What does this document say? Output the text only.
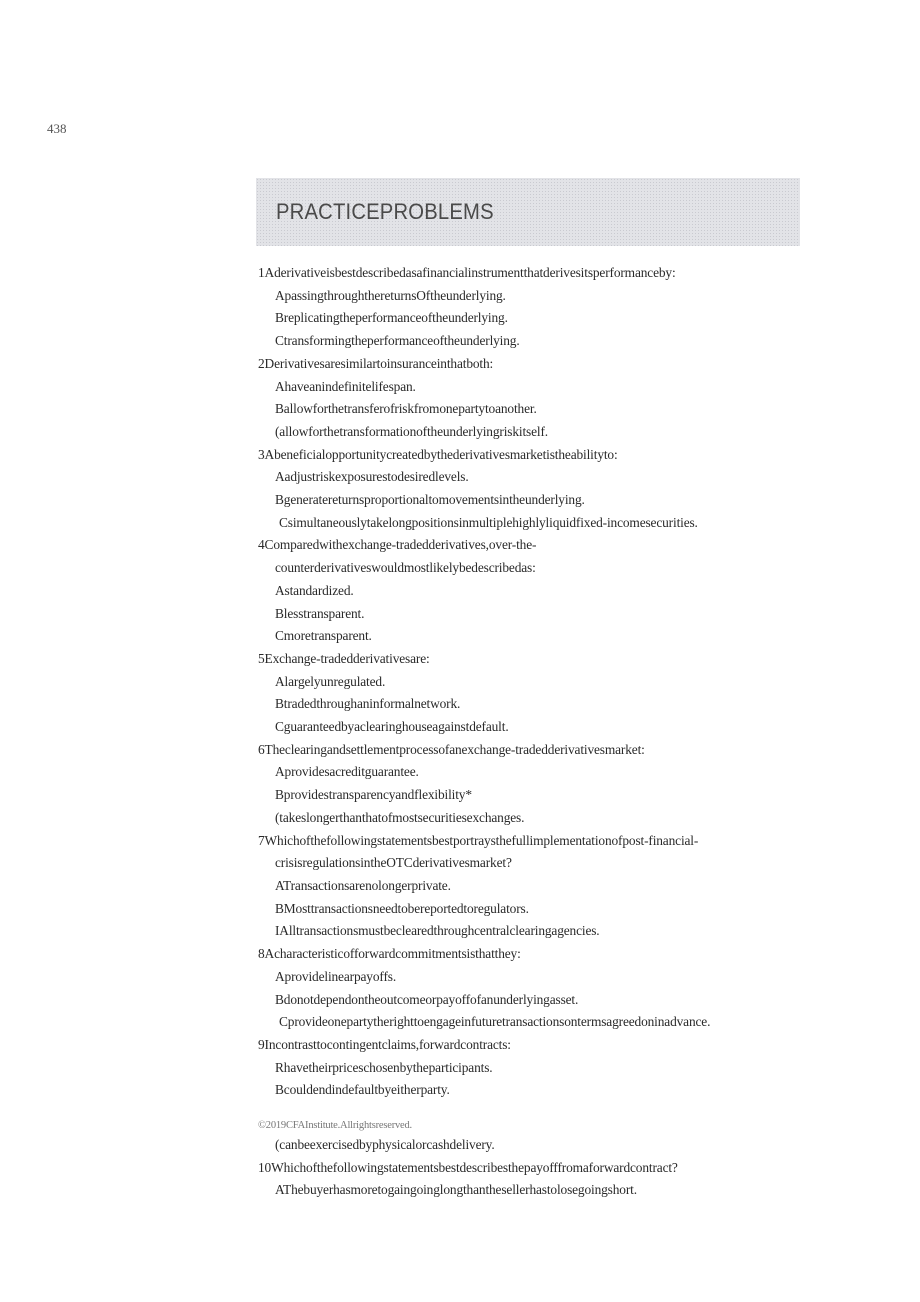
438
PRACTICEPROBLEMS
1Aderivativeisbestdescribedasafinancialinstrumentthatderivesitsperformanceby:
ApassingthroughthereturnsOftheunderlying.
Breplicatingtheperformanceoftheunderlying.
Ctransformingtheperformanceoftheunderlying.
2Derivativesaresimilartoinsuranceinthatboth:
Ahaveanindefinitelifespan.
Ballowforthetransferofriskfromonepartytoanother.
(allowforthetransformationoftheunderlyingriskitself.
3Abeneficialopportunitycreatedbythederivativesmarketistheabilityto:
Aadjustriskexposurestodesiredlevels.
Bgeneratereturnsproportionaltomovementsintheunderlying.
Csimultaneouslytakelongpositionsinmultiplehighlyliquidfixed-incomesecurities.
4Comparedwithexchange-tradedderivatives,over-the-
counterderivativeswouldmostlikelybedescribedas:
Astandardized.
Blesstransparent.
Cmoretransparent.
5Exchange-tradedderivativesare:
Alargelyunregulated.
Btradedthroughaninformalnetwork.
Cguaranteedbyaclearinghouseagainstdefault.
6Theclearingandsettlementprocessofanexchange-tradedderivativesmarket:
Aprovidesacreditguarantee.
Bprovidestransparencyandflexibility*
(takeslongerthanthatofmostsecuritiesexchanges.
7Whichofthefollowingstatementsbestportraysthefullimplementationofpost-financial-
crisisregulationsintheOTCderivativesmarket?
ATransactionsarenolongerprivate.
BMosttransactionsneedtobereportedtoregulators.
IAlltransactionsmustbeclearedthroughcentralclearingagencies.
8Acharacteristicofforwardcommitmentsisthatthey:
Aprovidelinearpayoffs.
Bdonotdependontheoutcomeorpayoffofanunderlyingasset.
Cprovideonepartytherighttoengageinfuturetransactionsontermsagreedoninadvance.
9Incontrasttocontingentclaims,forwardcontracts:
Rhavetheirpriceschosenbytheparticipants.
Bcouldendindefaultbyeitherparty.
©2019CFAInstitute.Allrightsreserved.
(canbeexercisedbyphysicalorcashdelivery.
10Whichofthefollowingstatementsbestdescribesthepayofffromaforwardcontract?
AThebuyerhasmoretogaingoinglongthanthesellerhastolosegoingshort.
